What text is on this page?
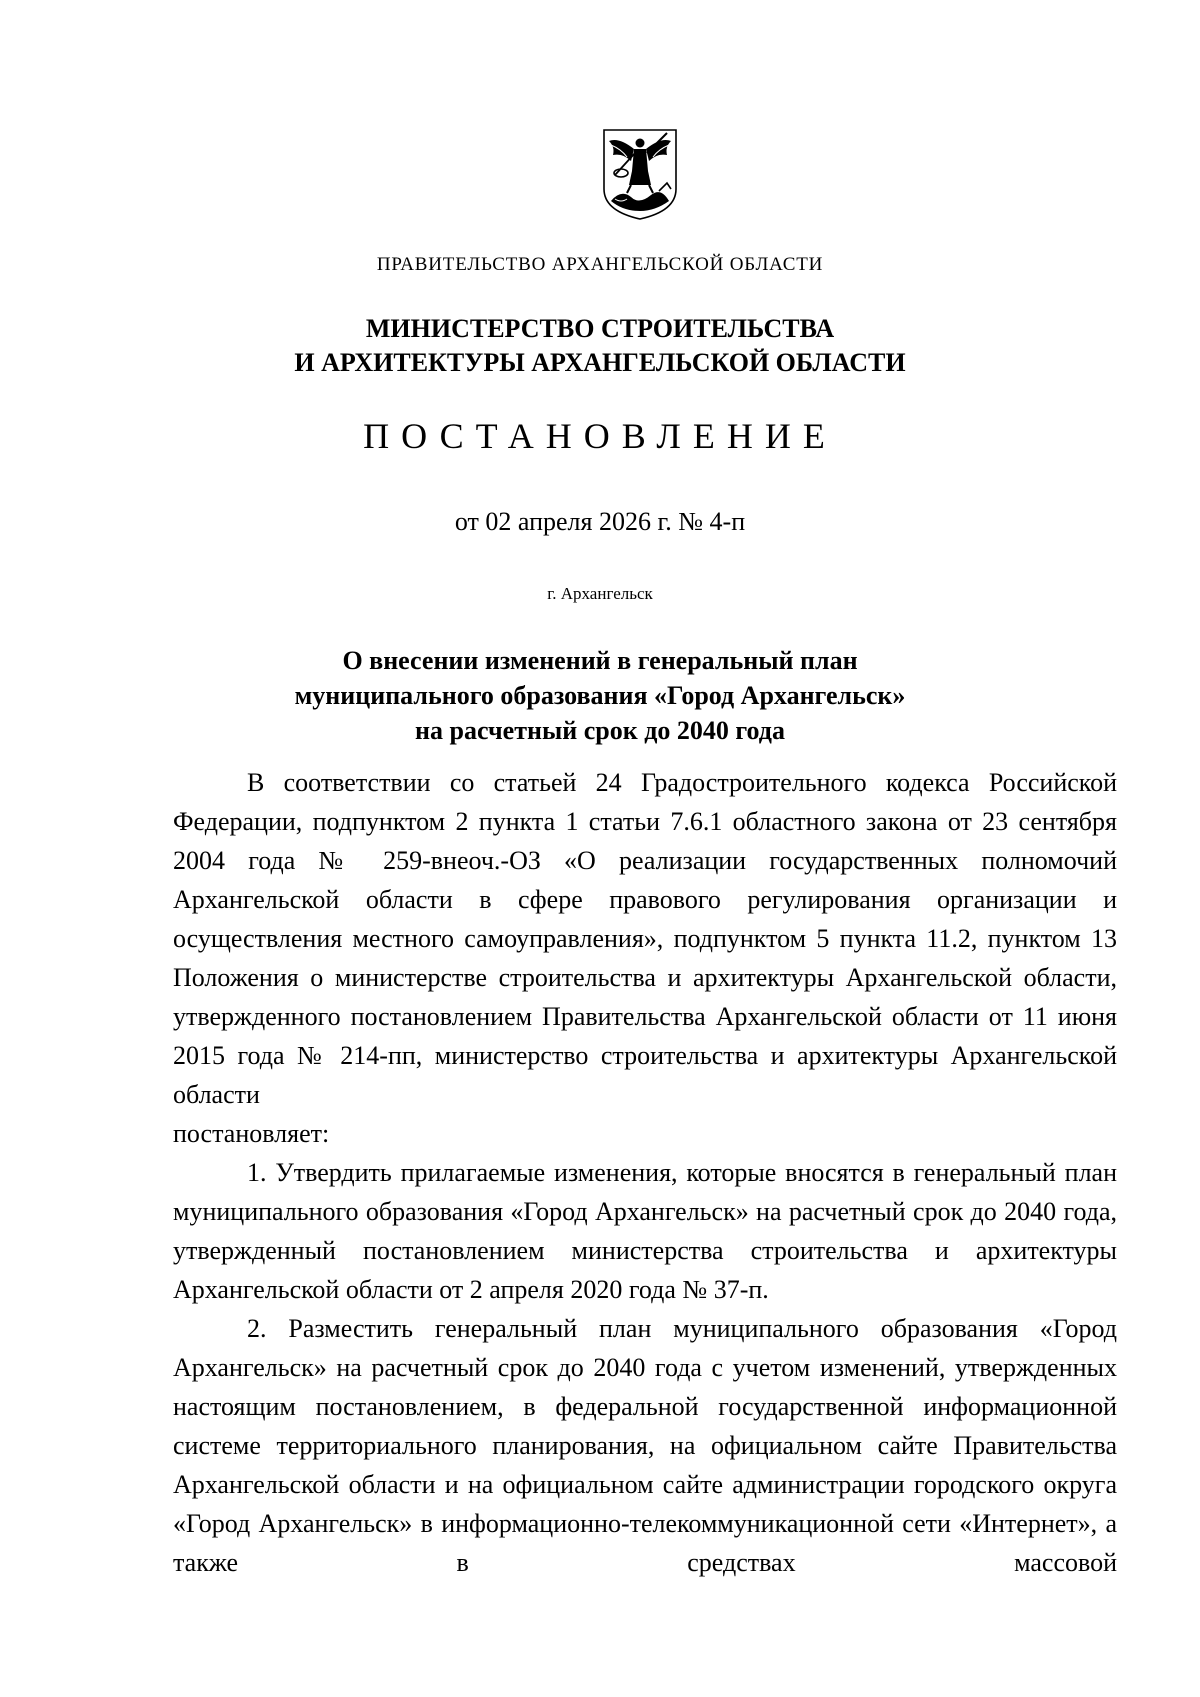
ПРАВИТЕЛЬСТВО АРХАНГЕЛЬСКОЙ ОБЛАСТИ
МИНИСТЕРСТВО СТРОИТЕЛЬСТВА
И АРХИТЕКТУРЫ АРХАНГЕЛЬСКОЙ ОБЛАСТИ
ПОСТАНОВЛЕНИЕ
от 02 апреля 2026 г. № 4-п
г. Архангельск
О внесении изменений в генеральный план
муниципального образования «Город Архангельск»
на расчетный срок до 2040 года

В соответствии со статьей 24 Градостроительного кодекса Российской Федерации, подпунктом 2 пункта 1 статьи 7.6.1 областного закона от 23 сентября 2004 года № 259-внеоч.-ОЗ «О реализации государственных полномочий Архангельской области в сфере правового регулирования организации и осуществления местного самоуправления», подпунктом 5 пункта 11.2, пунктом 13 Положения о министерстве строительства и архитектуры Архангельской области, утвержденного постановлением Правительства Архангельской области от 11 июня 2015 года № 214-пп, министерство строительства и архитектуры Архангельской области

постановляет:

1. Утвердить прилагаемые изменения, которые вносятся в генеральный план муниципального образования «Город Архангельск» на расчетный срок до 2040 года, утвержденный постановлением министерства строительства и архитектуры Архангельской области от 2 апреля 2020 года № 37-п.

2. Разместить генеральный план муниципального образования «Город Архангельск» на расчетный срок до 2040 года с учетом изменений, утвержденных настоящим постановлением, в федеральной государственной информационной системе территориального планирования, на официальном сайте Правительства Архангельской области и на официальном сайте администрации городского округа «Город Архангельск» в информационно-телекоммуникационной сети «Интернет», а также в средствах массовой
